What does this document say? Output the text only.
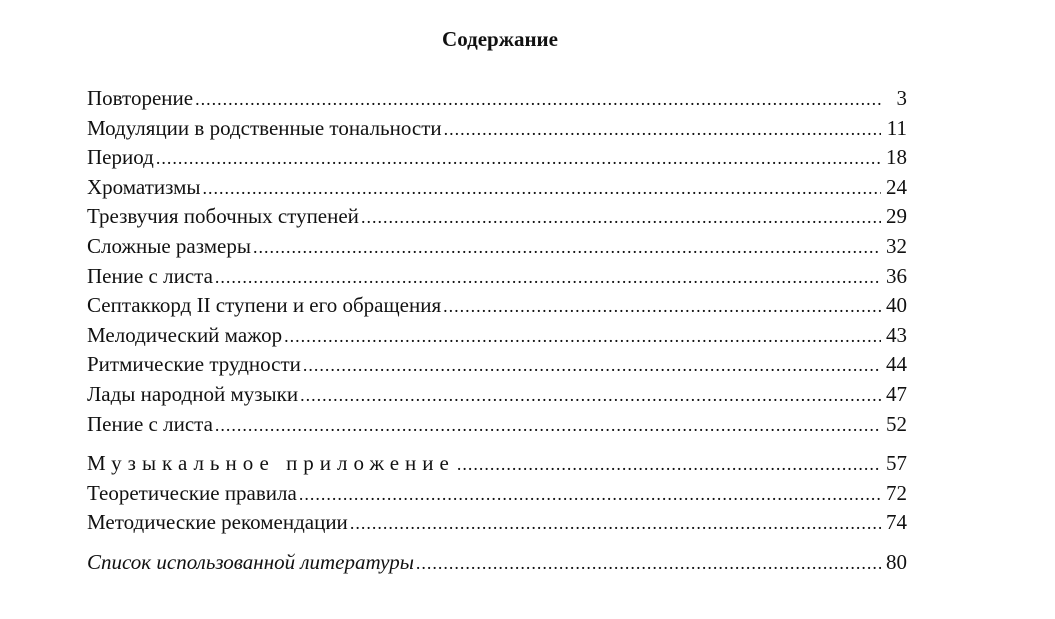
Содержание
Повторение .....	3
Модуляции в родственные тональности .....	11
Период .....	18
Хроматизмы .....	24
Трезвучия побочных ступеней .....	29
Сложные размеры .....	32
Пение с листа .....	36
Септаккорд II ступени и его обращения .....	40
Мелодический мажор .....	43
Ритмические трудности .....	44
Лады народной музыки .....	47
Пение с листа .....	52
Музыкальное приложение .....	57
Теоретические правила .....	72
Методические рекомендации .....	74
Список использованной литературы .....	80
